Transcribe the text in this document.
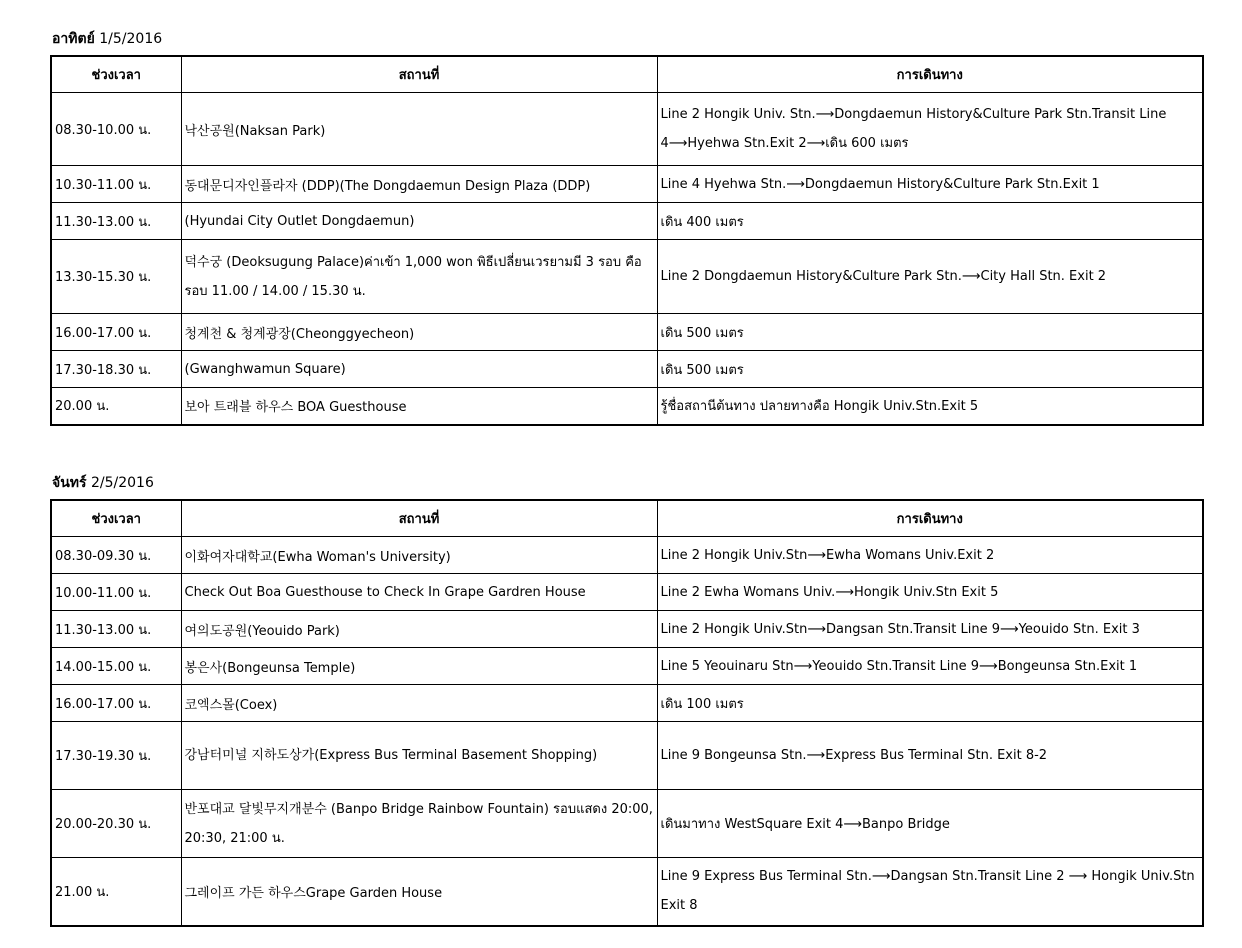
อาทิตย์ 1/5/2016
ช่วงเวลา	สถานที่	การเดินทาง
08.30-10.00 น.	낙산공원(Naksan Park)	Line 2 Hongik Univ. Stn.⟶Dongdaemun History&Culture Park Stn.Transit Line 4⟶Hyehwa Stn.Exit 2⟶เดิน 600 เมตร
10.30-11.00 น.	동대문디자인플라자 (DDP)(The Dongdaemun Design Plaza (DDP)	Line 4 Hyehwa Stn.⟶Dongdaemun History&Culture Park Stn.Exit 1
11.30-13.00 น.	(Hyundai City Outlet Dongdaemun)	เดิน 400 เมตร
13.30-15.30 น.	덕수궁 (Deoksugung Palace)ค่าเข้า 1,000 won พิธีเปลี่ยนเวรยามมี 3 รอบ คือ รอบ 11.00 / 14.00 / 15.30 น.	Line 2 Dongdaemun History&Culture Park Stn.⟶City Hall Stn. Exit 2
16.00-17.00 น.	청계천 & 청계광장(Cheonggyecheon)	เดิน 500 เมตร
17.30-18.30 น.	(Gwanghwamun Square)	เดิน 500 เมตร
20.00 น.	보아 트래블 하우스 BOA Guesthouse	รู้ชื่อสถานีต้นทาง ปลายทางคือ Hongik Univ.Stn.Exit 5
จันทร์ 2/5/2016
ช่วงเวลา	สถานที่	การเดินทาง
08.30-09.30 น.	이화여자대학교(Ewha Woman's University)	Line 2 Hongik Univ.Stn⟶Ewha Womans Univ.Exit 2
10.00-11.00 น.	Check Out Boa Guesthouse to Check In Grape Gardren House	Line 2 Ewha Womans Univ.⟶Hongik Univ.Stn Exit 5
11.30-13.00 น.	여의도공원(Yeouido Park)	Line 2 Hongik Univ.Stn⟶Dangsan Stn.Transit Line 9⟶Yeouido Stn. Exit 3
14.00-15.00 น.	봉은사(Bongeunsa Temple)	Line 5 Yeouinaru Stn⟶Yeouido Stn.Transit Line 9⟶Bongeunsa Stn.Exit 1
16.00-17.00 น.	코엑스몰(Coex)	เดิน 100 เมตร
17.30-19.30 น.	강남터미널 지하도상가(Express Bus Terminal Basement Shopping)	Line 9 Bongeunsa Stn.⟶Express Bus Terminal Stn. Exit 8-2
20.00-20.30 น.	반포대교 달빛무지개분수 (Banpo Bridge Rainbow Fountain) รอบแสดง 20:00, 20:30, 21:00 น.	เดินมาทาง WestSquare Exit 4⟶Banpo Bridge
21.00 น.	그레이프 가든 하우스Grape Garden House	Line 9 Express Bus Terminal Stn.⟶Dangsan Stn.Transit Line 2 ⟶ Hongik Univ.Stn Exit 8
